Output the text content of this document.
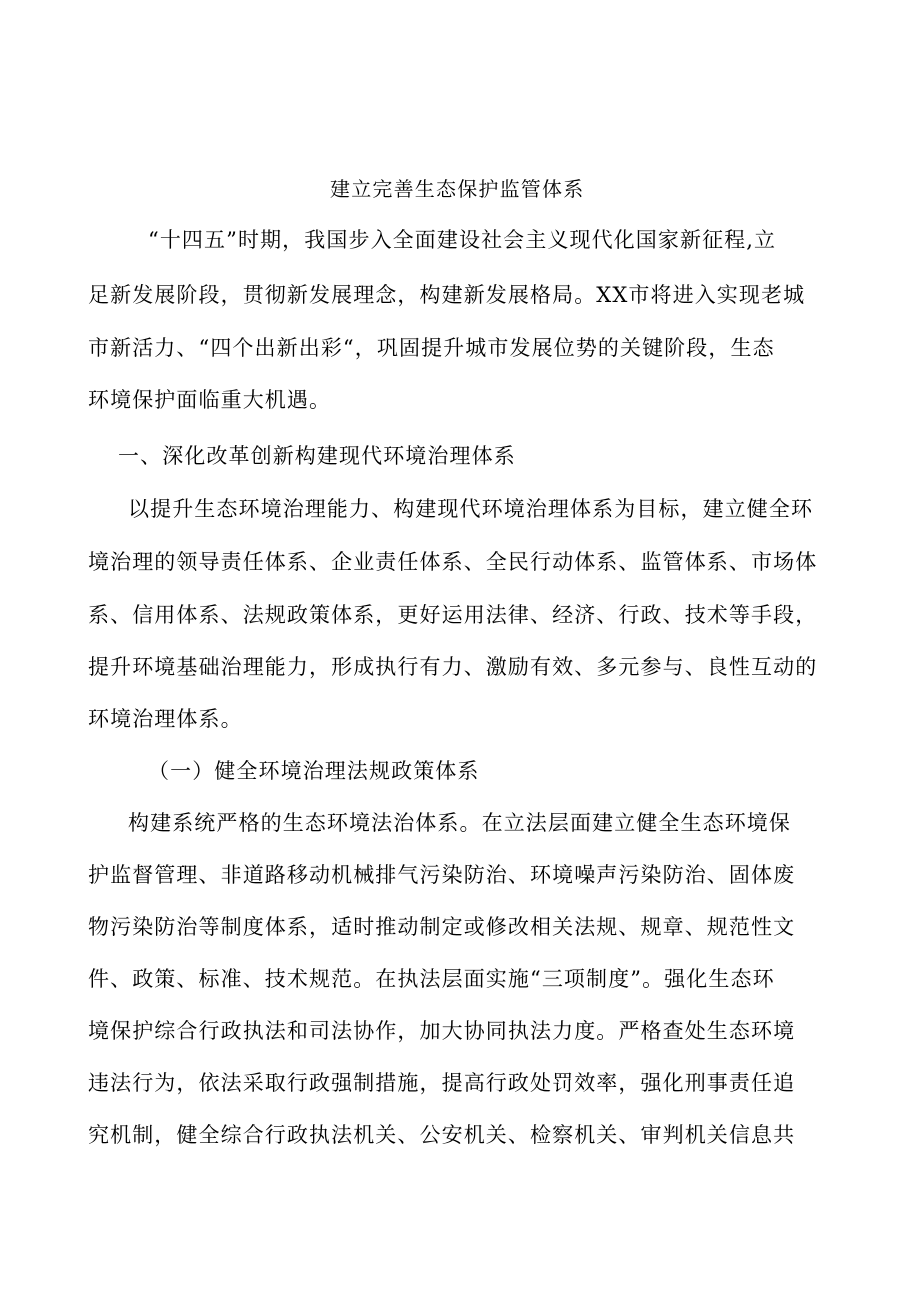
建立完善生态保护监管体系
“十四五”时期，我国步入全面建设社会主义现代化国家新征程,立
足新发展阶段，贯彻新发展理念，构建新发展格局。XX市将进入实现老城
市新活力、“四个出新出彩“，巩固提升城市发展位势的关键阶段，生态
环境保护面临重大机遇。
一、深化改革创新构建现代环境治理体系
以提升生态环境治理能力、构建现代环境治理体系为目标，建立健全环
境治理的领导责任体系、企业责任体系、全民行动体系、监管体系、市场体
系、信用体系、法规政策体系，更好运用法律、经济、行政、技术等手段，
提升环境基础治理能力，形成执行有力、激励有效、多元参与、良性互动的
环境治理体系。
（一）健全环境治理法规政策体系
构建系统严格的生态环境法治体系。在立法层面建立健全生态环境保
护监督管理、非道路移动机械排气污染防治、环境噪声污染防治、固体废
物污染防治等制度体系，适时推动制定或修改相关法规、规章、规范性文
件、政策、标准、技术规范。在执法层面实施“三项制度”。强化生态环
境保护综合行政执法和司法协作，加大协同执法力度。严格查处生态环境
违法行为，依法采取行政强制措施，提高行政处罚效率，强化刑事责任追
究机制，健全综合行政执法机关、公安机关、检察机关、审判机关信息共
